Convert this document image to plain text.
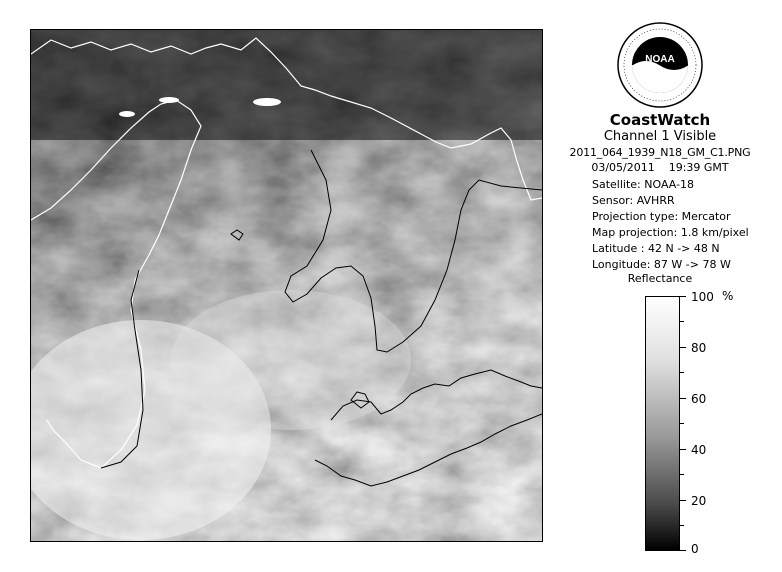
NOAA
CoastWatch
Channel 1 Visible
2011_064_1939_N18_GM_C1.PNG
03/05/2011    19:39 GMT
Satellite: NOAA-18
Sensor: AVHRR
Projection type: Mercator
Map projection: 1.8 km/pixel
Latitude : 42 N -> 48 N
Longitude: 87 W -> 78 W
Reflectance
100
80
60
40
20
0
%
